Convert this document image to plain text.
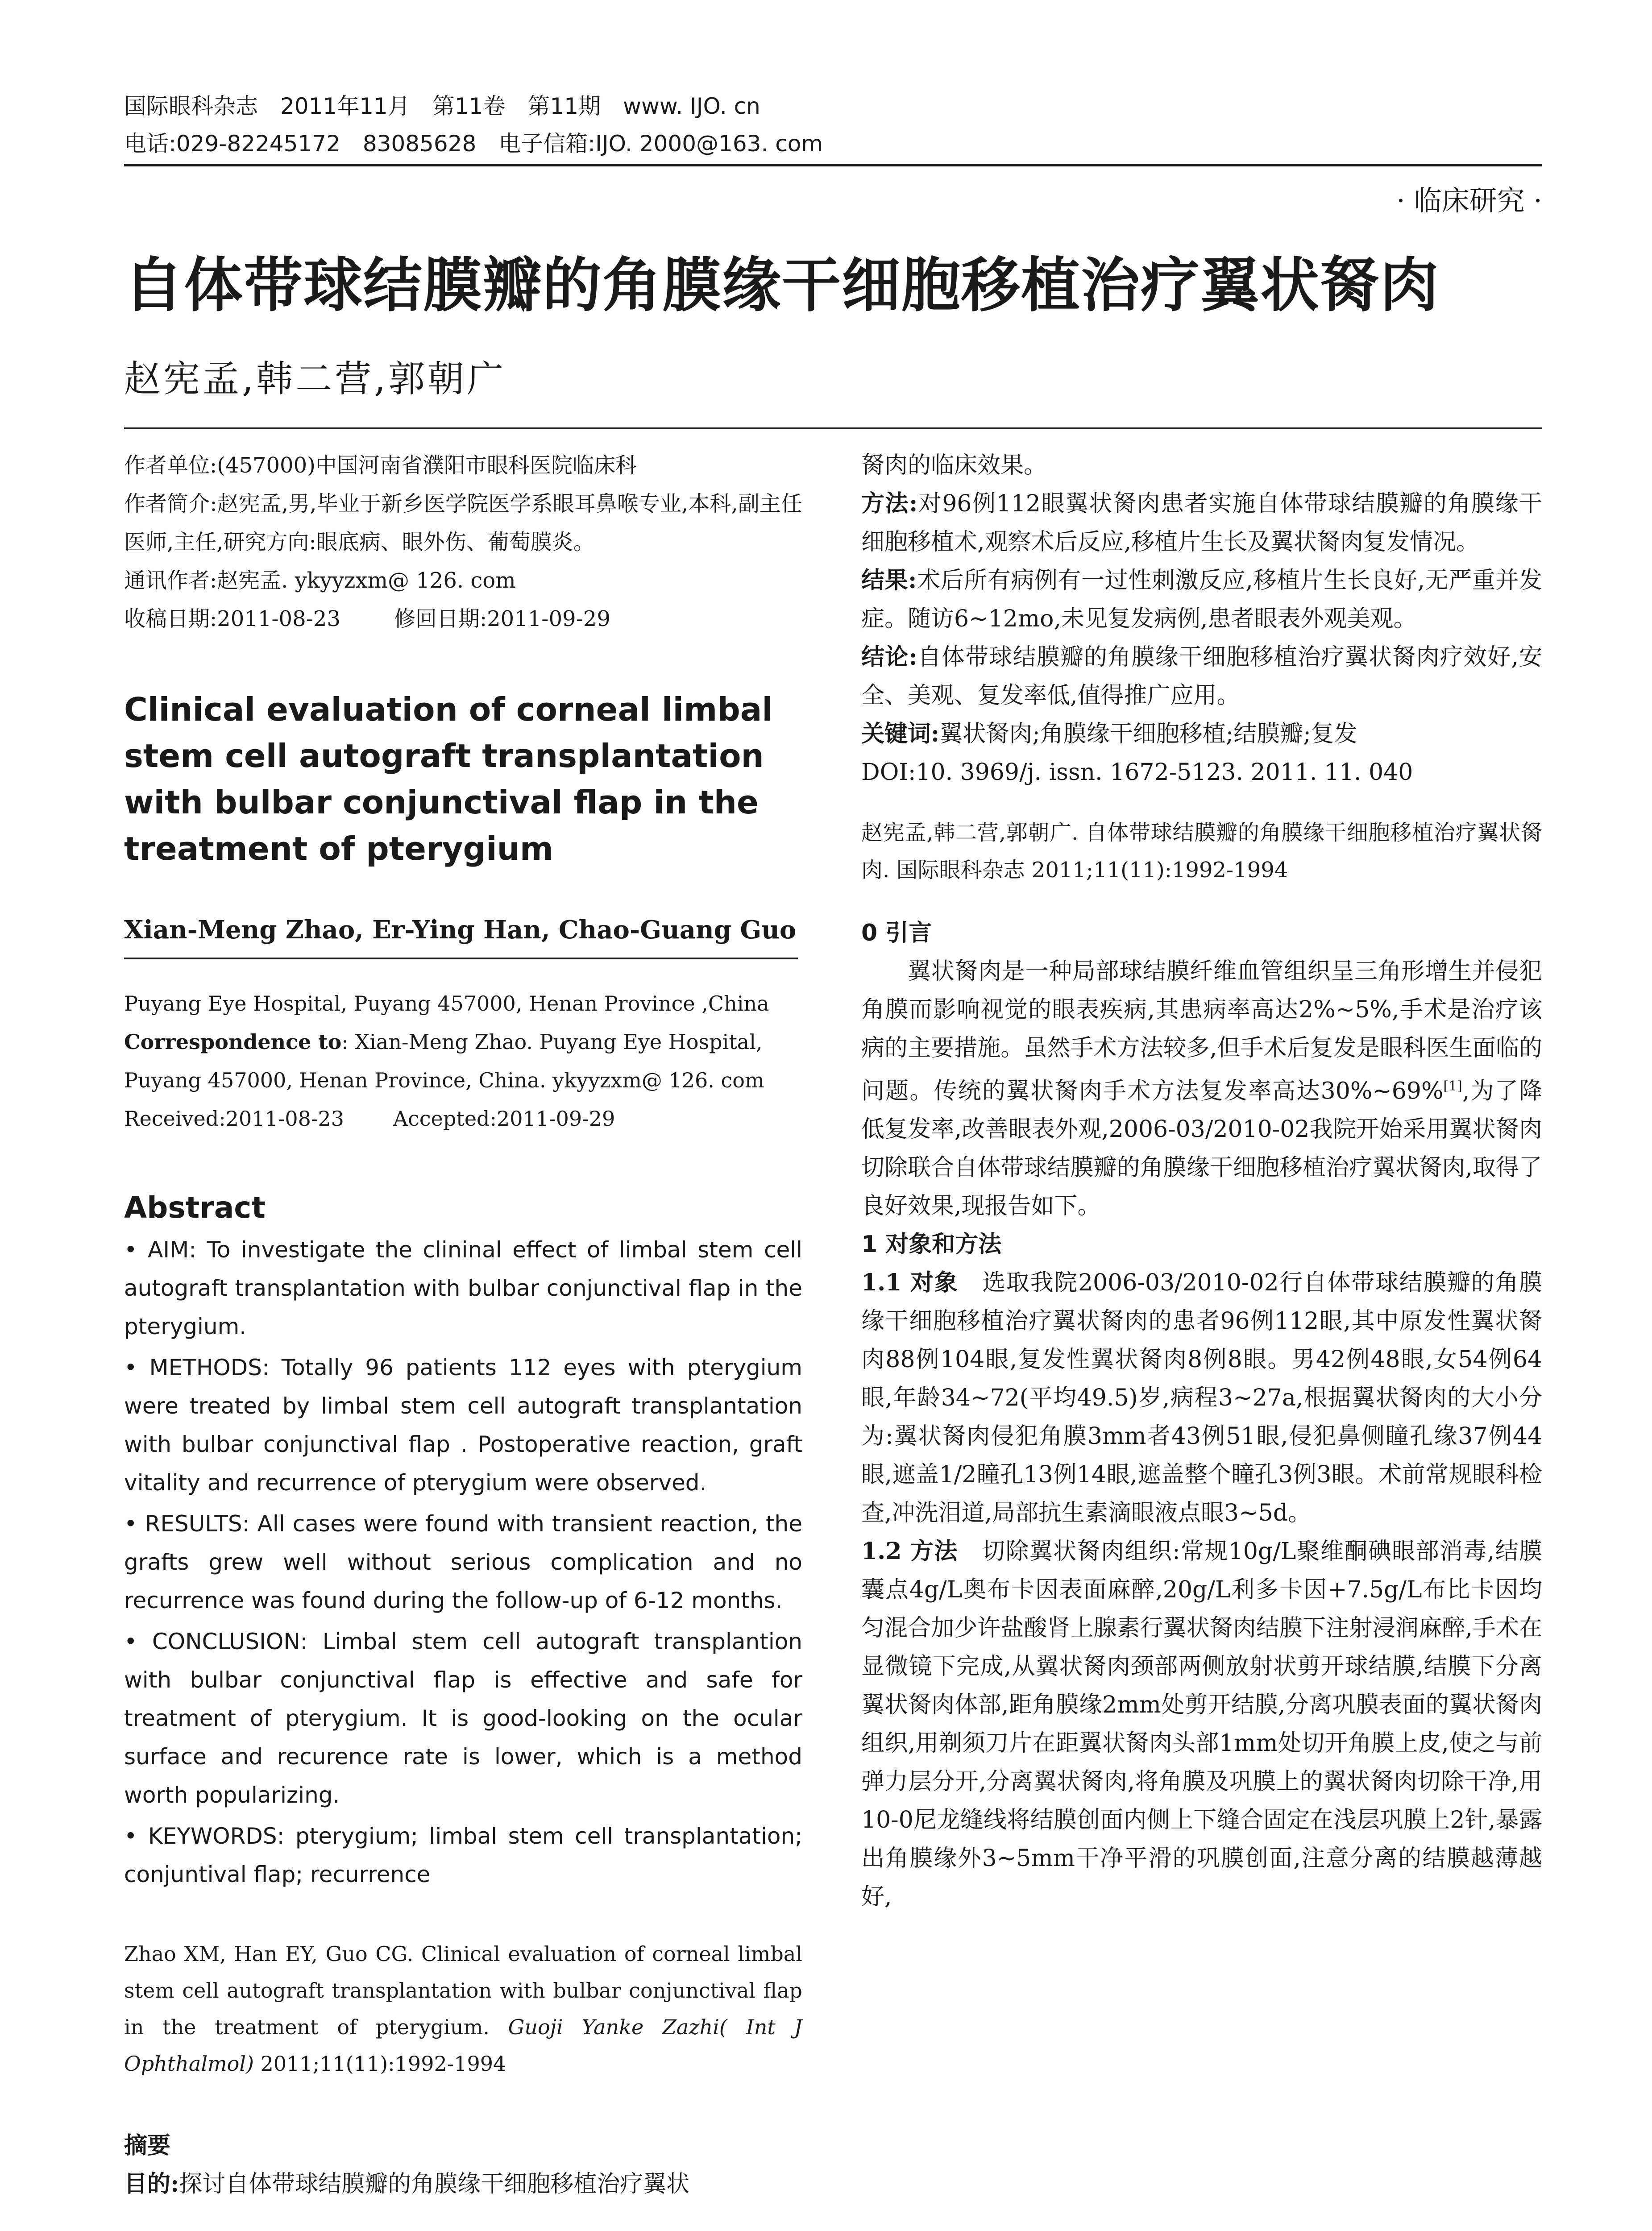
国际眼科杂志　2011年11月　第11卷　第11期　www. IJO. cn
电话:029-82245172　83085628　电子信箱:IJO. 2000@163. com
· 临床研究 ·
自体带球结膜瓣的角膜缘干细胞移植治疗翼状胬肉
赵宪孟,韩二营,郭朝广

作者单位:(457000)中国河南省濮阳市眼科医院临床科

作者简介:赵宪孟,男,毕业于新乡医学院医学系眼耳鼻喉专业,本科,副主任医师,主任,研究方向:眼底病、眼外伤、葡萄膜炎。

通讯作者:赵宪孟. ykyyzxm@ 126. com

收稿日期:2011-08-23	修回日期:2011-09-29

Clinical evaluation of corneal limbal stem cell autograft transplantation with bulbar conjunctival flap in the treatment of pterygium
Xian-Meng Zhao, Er-Ying Han, Chao-Guang Guo

Puyang Eye Hospital, Puyang 457000, Henan Province ,China

Correspondence to: Xian-Meng Zhao. Puyang Eye Hospital, Puyang 457000, Henan Province, China. ykyyzxm@ 126. com

Received:2011-08-23 Accepted:2011-09-29

Abstract

• AIM: To investigate the clininal effect of limbal stem cell autograft transplantation with bulbar conjunctival flap in the pterygium.

• METHODS: Totally 96 patients 112 eyes with pterygium were treated by limbal stem cell autograft transplantation with bulbar conjunctival flap . Postoperative reaction, graft vitality and recurrence of pterygium were observed.

• RESULTS: All cases were found with transient reaction, the grafts grew well without serious complication and no recurrence was found during the follow-up of 6-12 months.

• CONCLUSION: Limbal stem cell autograft transplantion with bulbar conjunctival flap is effective and safe for treatment of pterygium. It is good-looking on the ocular surface and recurence rate is lower, which is a method worth popularizing.

• KEYWORDS: pterygium; limbal stem cell transplantation; conjuntival flap; recurrence

Zhao XM, Han EY, Guo CG. Clinical evaluation of corneal limbal stem cell autograft transplantation with bulbar conjunctival flap in the treatment of pterygium. Guoji Yanke Zazhi( Int J Ophthalmol) 2011;11(11):1992-1994
摘要

目的:探讨自体带球结膜瓣的角膜缘干细胞移植治疗翼状

胬肉的临床效果。

方法:对96例112眼翼状胬肉患者实施自体带球结膜瓣的角膜缘干细胞移植术,观察术后反应,移植片生长及翼状胬肉复发情况。

结果:术后所有病例有一过性刺激反应,移植片生长良好,无严重并发症。随访6~12mo,未见复发病例,患者眼表外观美观。

结论:自体带球结膜瓣的角膜缘干细胞移植治疗翼状胬肉疗效好,安全、美观、复发率低,值得推广应用。

关键词:翼状胬肉;角膜缘干细胞移植;结膜瓣;复发

DOI:10. 3969/j. issn. 1672-5123. 2011. 11. 040

赵宪孟,韩二营,郭朝广. 自体带球结膜瓣的角膜缘干细胞移植治疗翼状胬肉. 国际眼科杂志 2011;11(11):1992-1994

0 引言

翼状胬肉是一种局部球结膜纤维血管组织呈三角形增生并侵犯角膜而影响视觉的眼表疾病,其患病率高达2%~5%,手术是治疗该病的主要措施。虽然手术方法较多,但手术后复发是眼科医生面临的问题。传统的翼状胬肉手术方法复发率高达30%~69%[1],为了降低复发率,改善眼表外观,2006-03/2010-02我院开始采用翼状胬肉切除联合自体带球结膜瓣的角膜缘干细胞移植治疗翼状胬肉,取得了良好效果,现报告如下。

1 对象和方法

1.1 对象　选取我院2006-03/2010-02行自体带球结膜瓣的角膜缘干细胞移植治疗翼状胬肉的患者96例112眼,其中原发性翼状胬肉88例104眼,复发性翼状胬肉8例8眼。男42例48眼,女54例64眼,年龄34~72(平均49.5)岁,病程3~27a,根据翼状胬肉的大小分为:翼状胬肉侵犯角膜3mm者43例51眼,侵犯鼻侧瞳孔缘37例44眼,遮盖1/2瞳孔13例14眼,遮盖整个瞳孔3例3眼。术前常规眼科检查,冲洗泪道,局部抗生素滴眼液点眼3~5d。

1.2 方法　切除翼状胬肉组织:常规10g/L聚维酮碘眼部消毒,结膜囊点4g/L奥布卡因表面麻醉,20g/L利多卡因+7.5g/L布比卡因均匀混合加少许盐酸肾上腺素行翼状胬肉结膜下注射浸润麻醉,手术在显微镜下完成,从翼状胬肉颈部两侧放射状剪开球结膜,结膜下分离翼状胬肉体部,距角膜缘2mm处剪开结膜,分离巩膜表面的翼状胬肉组织,用剃须刀片在距翼状胬肉头部1mm处切开角膜上皮,使之与前弹力层分开,分离翼状胬肉,将角膜及巩膜上的翼状胬肉切除干净,用10-0尼龙缝线将结膜创面内侧上下缝合固定在浅层巩膜上2针,暴露出角膜缘外3~5mm干净平滑的巩膜创面,注意分离的结膜越薄越好,
